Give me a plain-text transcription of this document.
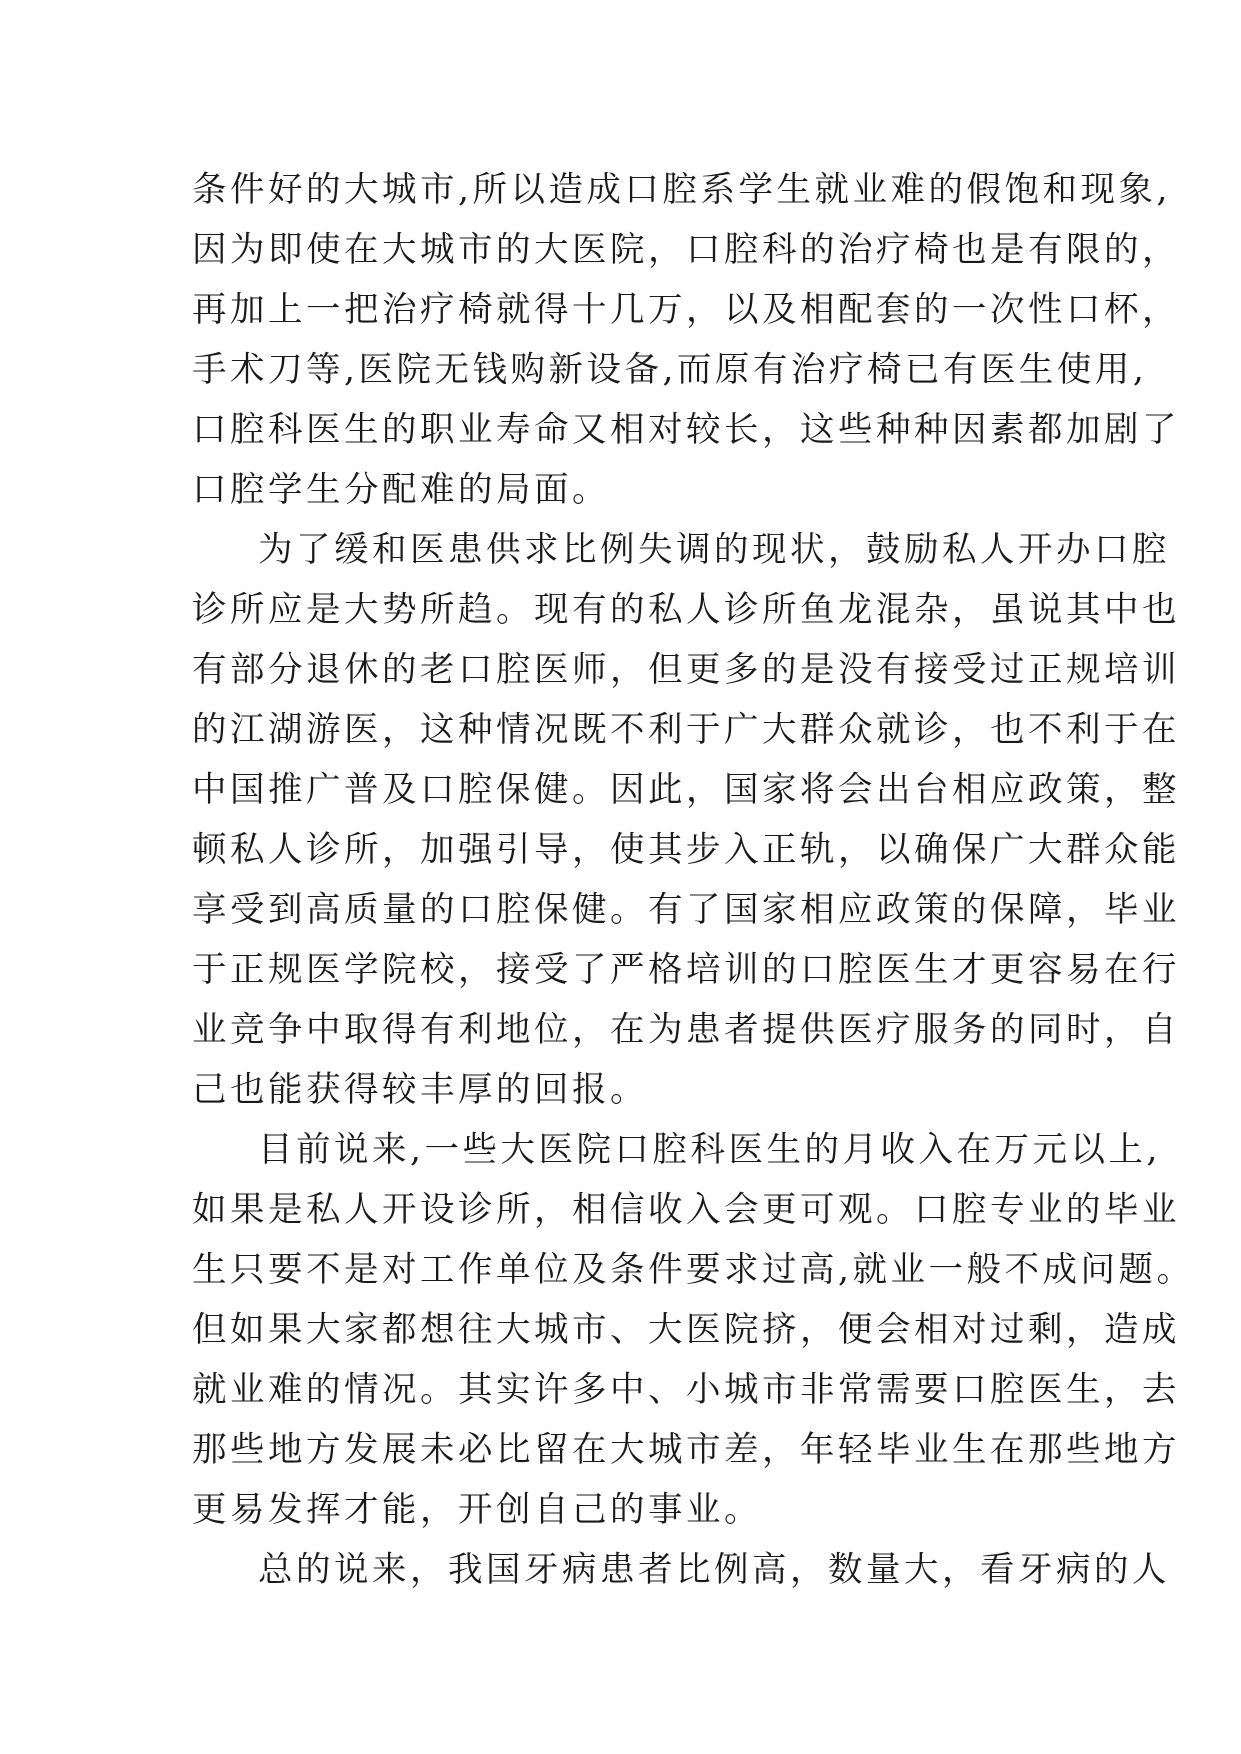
条件好的大城市,所以造成口腔系学生就业难的假饱和现象,
因为即使在大城市的大医院，口腔科的治疗椅也是有限的，
再加上一把治疗椅就得十几万，以及相配套的一次性口杯，
手术刀等,医院无钱购新设备,而原有治疗椅已有医生使用,
口腔科医生的职业寿命又相对较长，这些种种因素都加剧了
口腔学生分配难的局面。
为了缓和医患供求比例失调的现状，鼓励私人开办口腔
诊所应是大势所趋。现有的私人诊所鱼龙混杂，虽说其中也
有部分退休的老口腔医师，但更多的是没有接受过正规培训
的江湖游医，这种情况既不利于广大群众就诊，也不利于在
中国推广普及口腔保健。因此，国家将会出台相应政策，整
顿私人诊所，加强引导，使其步入正轨，以确保广大群众能
享受到高质量的口腔保健。有了国家相应政策的保障，毕业
于正规医学院校，接受了严格培训的口腔医生才更容易在行
业竞争中取得有利地位，在为患者提供医疗服务的同时，自
己也能获得较丰厚的回报。
目前说来,一些大医院口腔科医生的月收入在万元以上,
如果是私人开设诊所，相信收入会更可观。口腔专业的毕业
生只要不是对工作单位及条件要求过高,就业一般不成问题。
但如果大家都想往大城市、大医院挤，便会相对过剩，造成
就业难的情况。其实许多中、小城市非常需要口腔医生，去
那些地方发展未必比留在大城市差，年轻毕业生在那些地方
更易发挥才能，开创自己的事业。
总的说来，我国牙病患者比例高，数量大，看牙病的人
